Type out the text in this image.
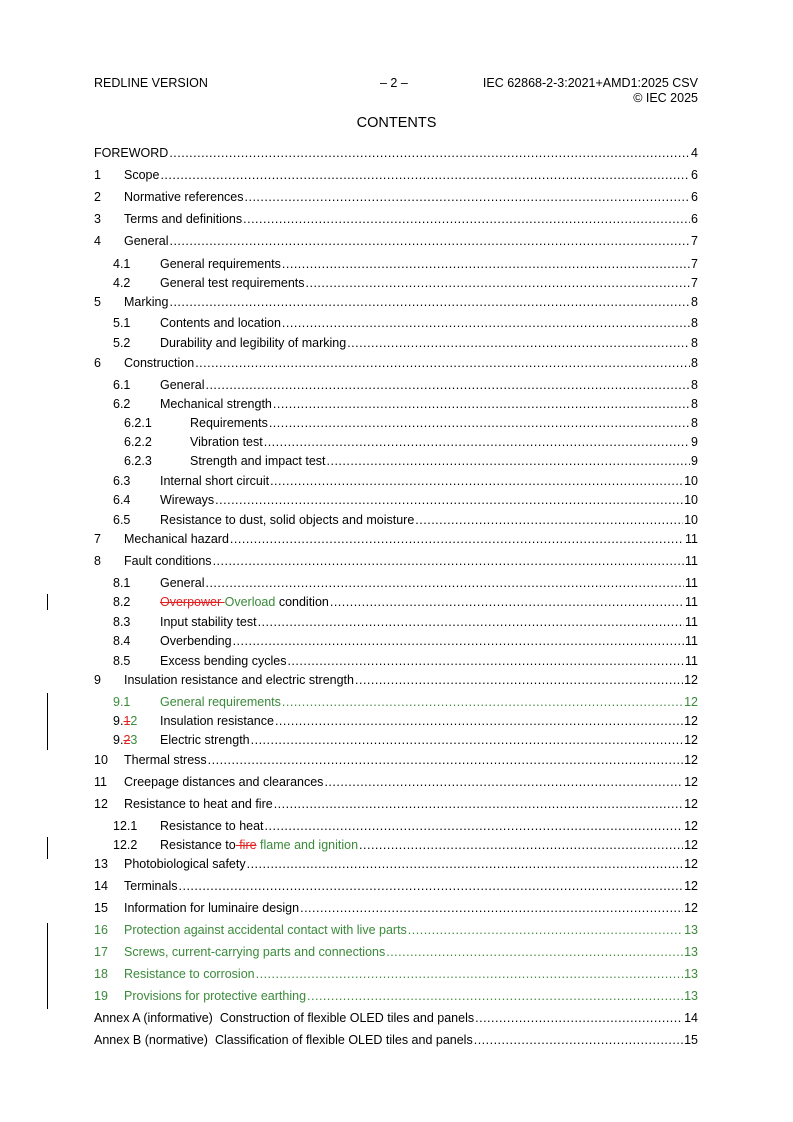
REDLINE VERSION	– 2 –	IEC 62868-2-3:2021+AMD1:2025 CSV
© IEC 2025
CONTENTS
FOREWORD .....	4
1	Scope .....	6
2	Normative references .....	6
3	Terms and definitions .....	6
4	General .....	7
4.1	General requirements .....	7
4.2	General test requirements .....	7
5	Marking .....	8
5.1	Contents and location .....	8
5.2	Durability and legibility of marking .....	8
6	Construction .....	8
6.1	General .....	8
6.2	Mechanical strength .....	8
6.2.1	Requirements .....	8
6.2.2	Vibration test .....	9
6.2.3	Strength and impact test .....	9
6.3	Internal short circuit .....	10
6.4	Wireways .....	10
6.5	Resistance to dust, solid objects and moisture .....	10
7	Mechanical hazard .....	11
8	Fault conditions .....	11
8.1	General .....	11
8.2	Overpower Overload condition .....	11
8.3	Input stability test .....	11
8.4	Overbending .....	11
8.5	Excess bending cycles .....	11
9	Insulation resistance and electric strength .....	12
9.1	General requirements .....	12
9.12	Insulation resistance .....	12
9.23	Electric strength .....	12
10	Thermal stress .....	12
11	Creepage distances and clearances .....	12
12	Resistance to heat and fire .....	12
12.1	Resistance to heat .....	12
12.2	Resistance to fire flame and ignition .....	12
13	Photobiological safety .....	12
14	Terminals .....	12
15	Information for luminaire design .....	12
16	Protection against accidental contact with live parts .....	13
17	Screws, current-carrying parts and connections .....	13
18	Resistance to corrosion .....	13
19	Provisions for protective earthing .....	13
Annex A (informative) Construction of flexible OLED tiles and panels .....	14
Annex B (normative) Classification of flexible OLED tiles and panels .....	15
